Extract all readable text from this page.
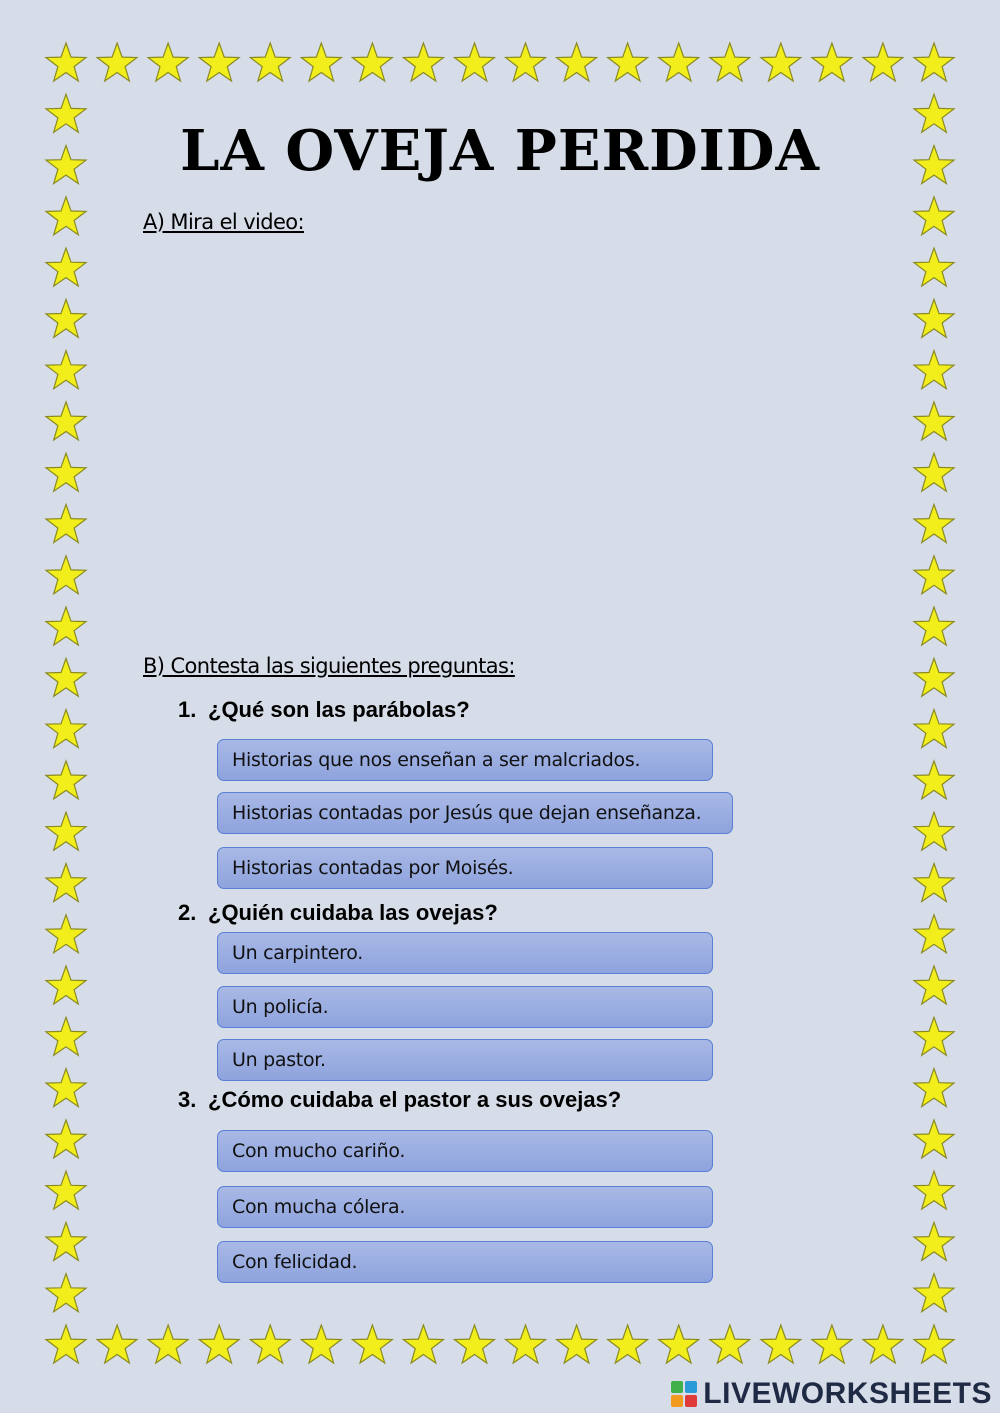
LA OVEJA PERDIDA
A) Mira el video:
B) Contesta las siguientes preguntas:
1. ¿Qué son las parábolas?
Historias que nos enseñan a ser malcriados.
Historias contadas por Jesús que dejan enseñanza.
Historias contadas por Moisés.
2. ¿Quién cuidaba las ovejas?
Un carpintero.
Un policía.
Un pastor.
3. ¿Cómo cuidaba el pastor a sus ovejas?
Con mucho cariño.
Con mucha cólera.
Con felicidad.
LIVEWORKSHEETS
